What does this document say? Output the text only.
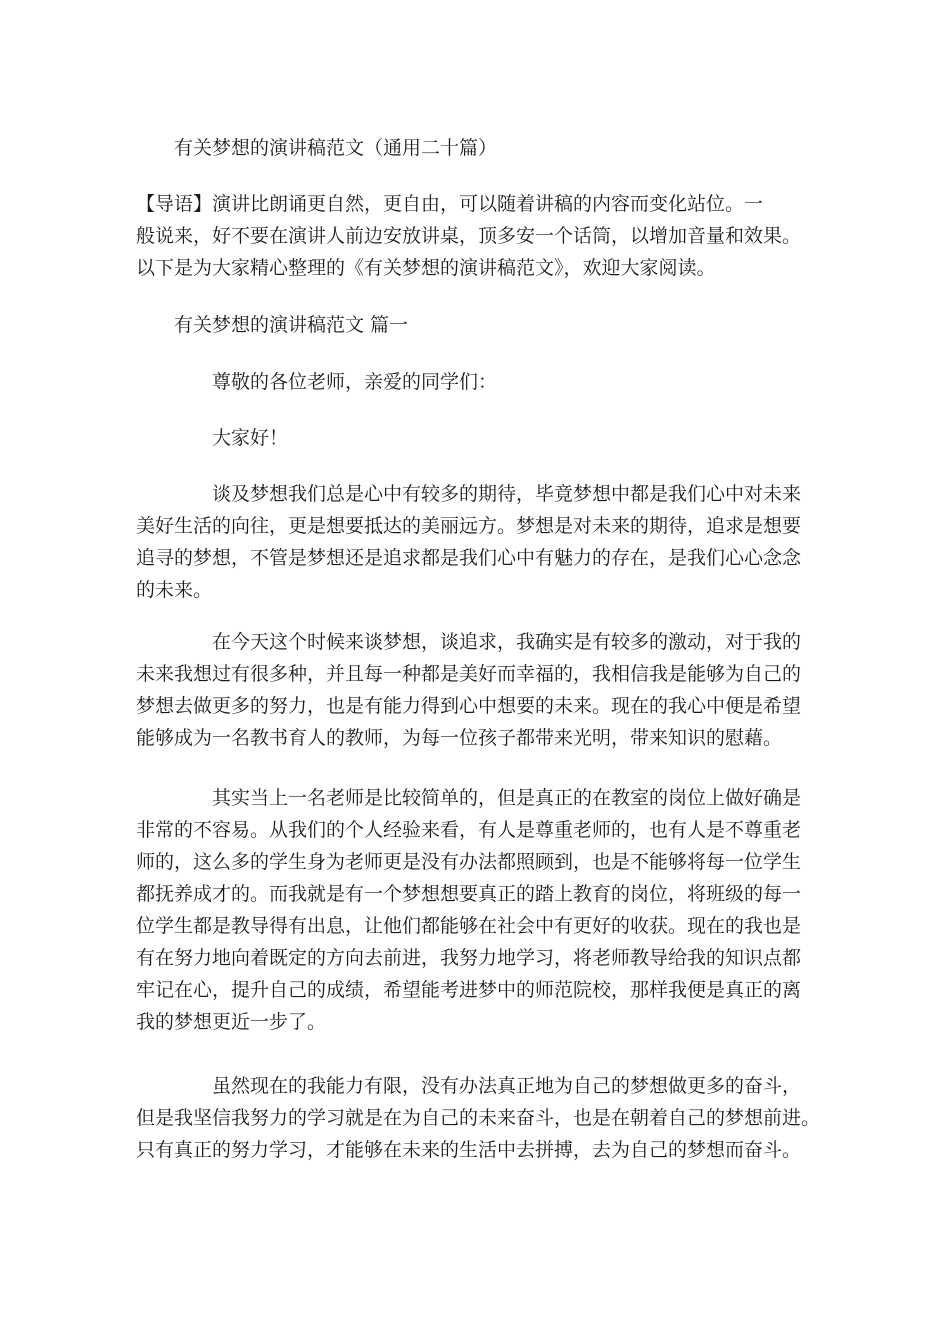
有关梦想的演讲稿范文（通用二十篇）

【导语】演讲比朗诵更自然，更自由，可以随着讲稿的内容而变化站位。一
般说来，好不要在演讲人前边安放讲桌，顶多安一个话筒，以增加音量和效果。
以下是为大家精心整理的《有关梦想的演讲稿范文》，欢迎大家阅读。

有关梦想的演讲稿范文 篇一
尊敬的各位老师，亲爱的同学们：
大家好！

谈及梦想我们总是心中有较多的期待，毕竟梦想中都是我们心中对未来
美好生活的向往，更是想要抵达的美丽远方。梦想是对未来的期待，追求是想要
追寻的梦想，不管是梦想还是追求都是我们心中有魅力的存在，是我们心心念念
的未来。

在今天这个时候来谈梦想，谈追求，我确实是有较多的激动，对于我的
未来我想过有很多种，并且每一种都是美好而幸福的，我相信我是能够为自己的
梦想去做更多的努力，也是有能力得到心中想要的未来。现在的我心中便是希望
能够成为一名教书育人的教师，为每一位孩子都带来光明，带来知识的慰藉。

其实当上一名老师是比较简单的，但是真正的在教室的岗位上做好确是
非常的不容易。从我们的个人经验来看，有人是尊重老师的，也有人是不尊重老
师的，这么多的学生身为老师更是没有办法都照顾到，也是不能够将每一位学生
都抚养成才的。而我就是有一个梦想想要真正的踏上教育的岗位，将班级的每一
位学生都是教导得有出息，让他们都能够在社会中有更好的收获。现在的我也是
有在努力地向着既定的方向去前进，我努力地学习，将老师教导给我的知识点都
牢记在心，提升自己的成绩，希望能考进梦中的师范院校，那样我便是真正的离
我的梦想更近一步了。

虽然现在的我能力有限，没有办法真正地为自己的梦想做更多的奋斗，
但是我坚信我努力的学习就是在为自己的未来奋斗，也是在朝着自己的梦想前进。
只有真正的努力学习，才能够在未来的生活中去拼搏，去为自己的梦想而奋斗。
